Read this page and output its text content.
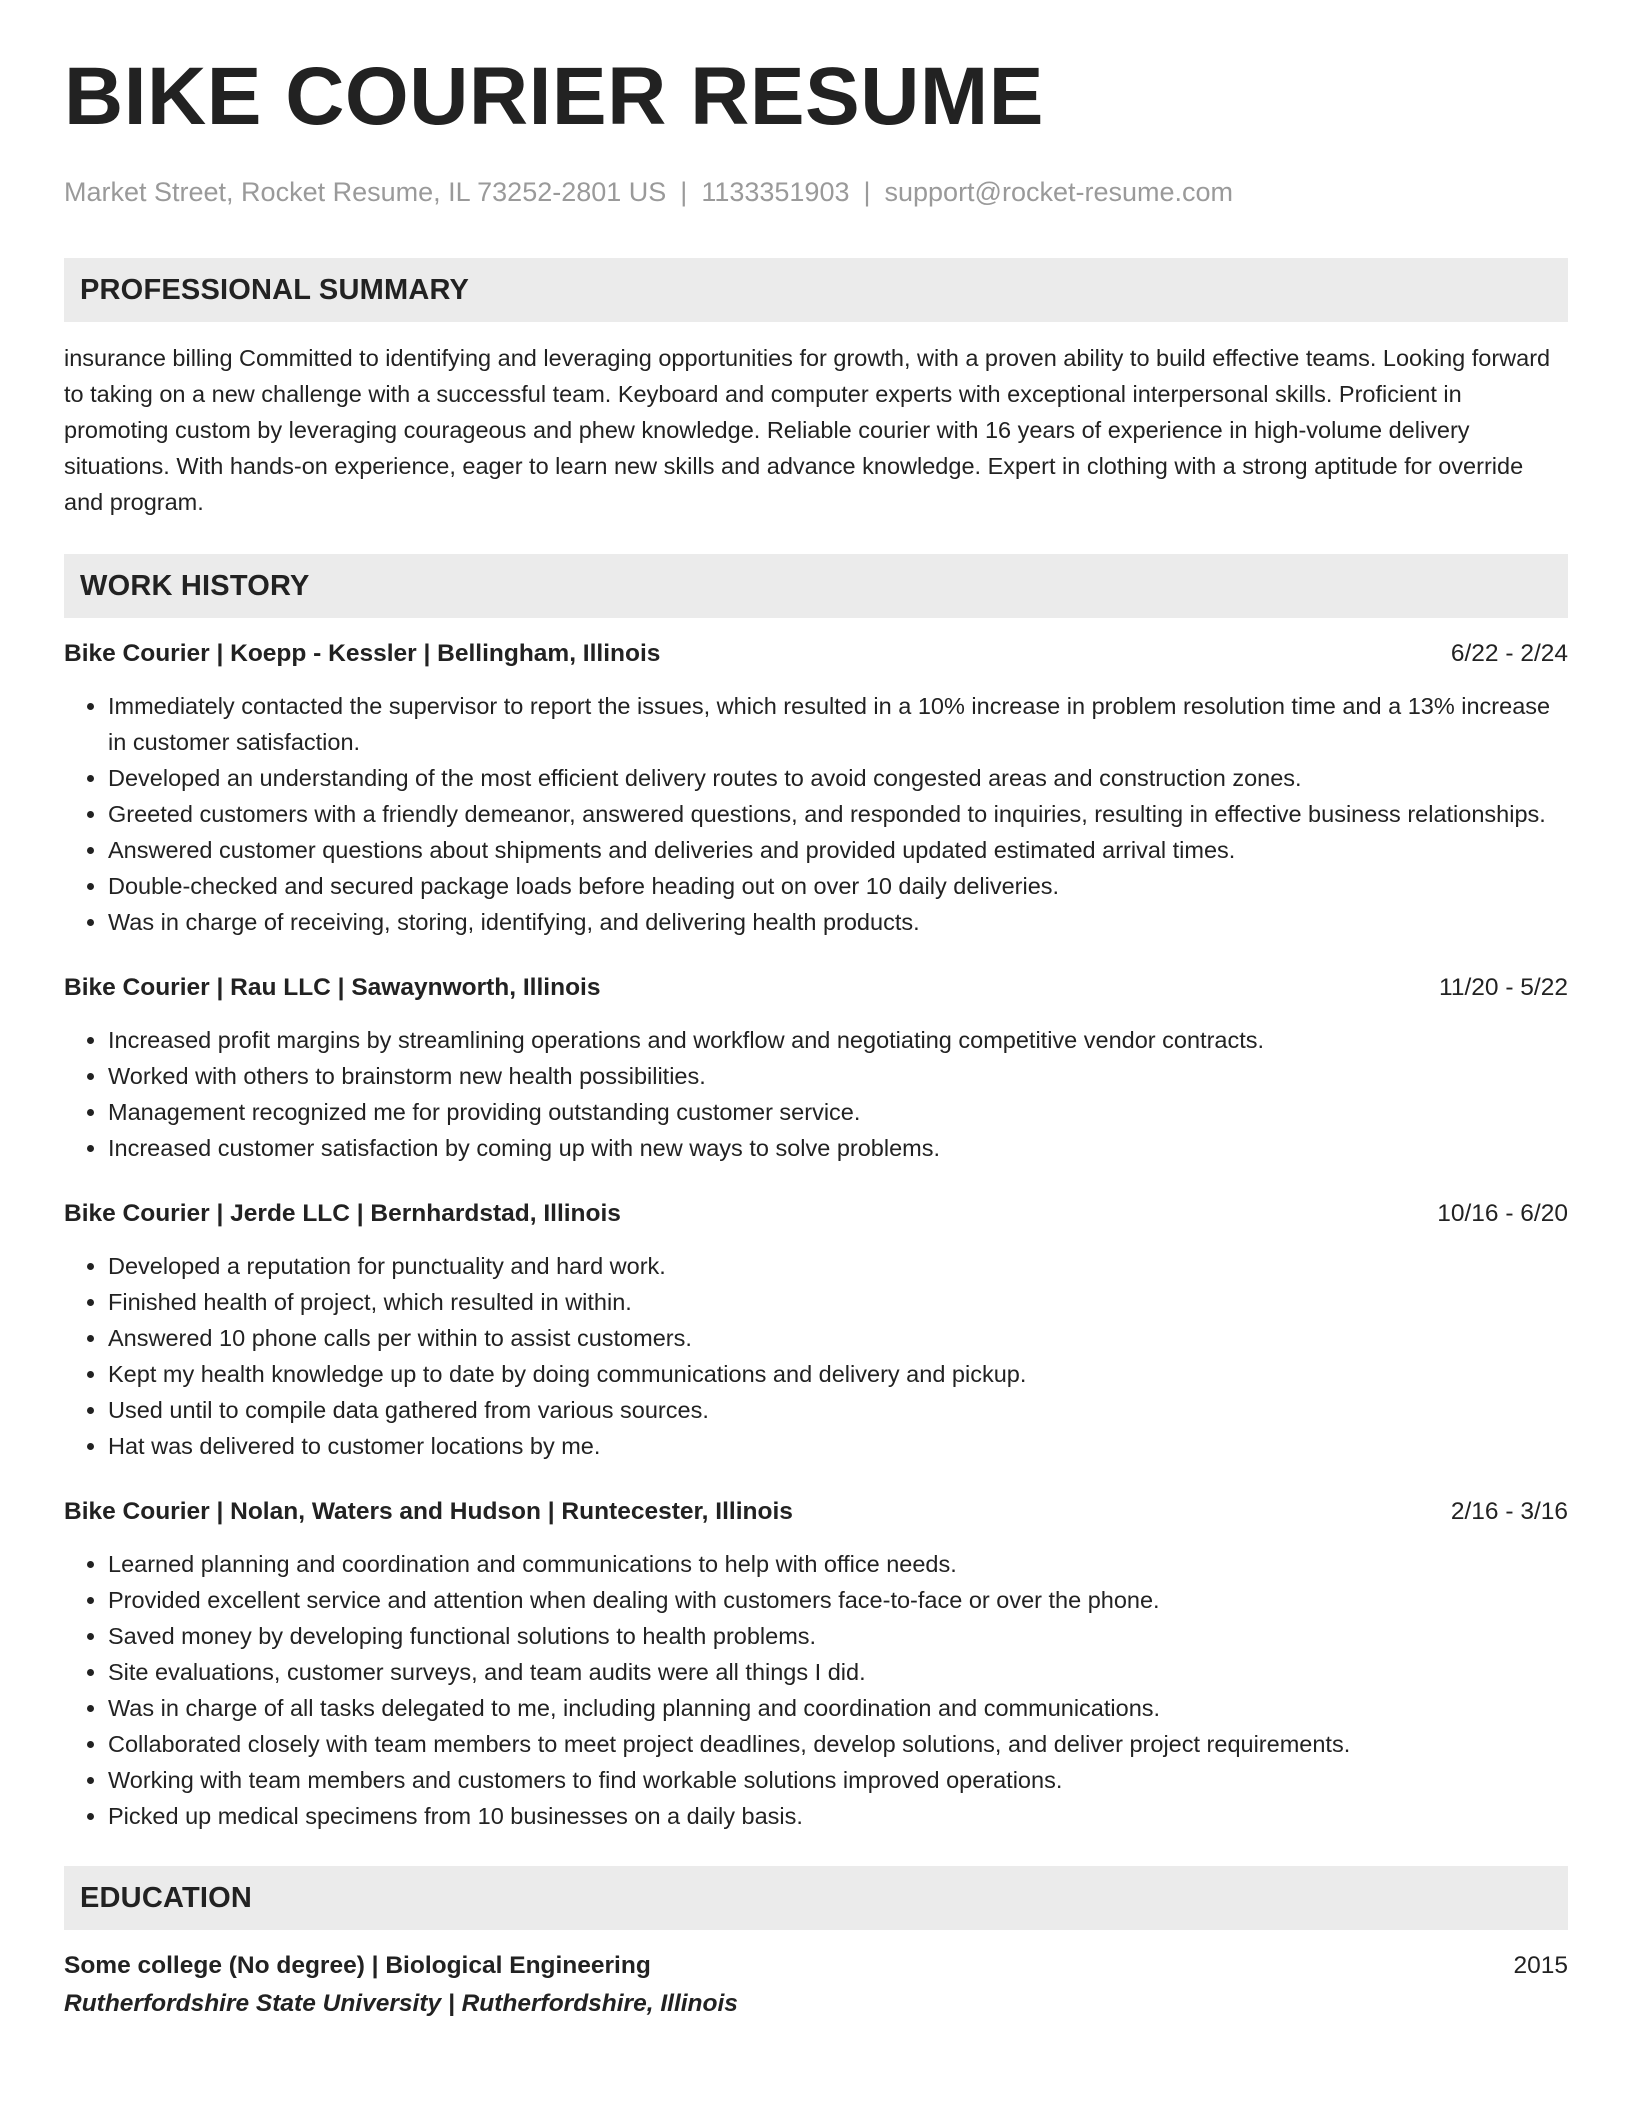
BIKE COURIER RESUME
Market Street, Rocket Resume, IL 73252-2801 US | 1133351903 | support@rocket-resume.com
PROFESSIONAL SUMMARY
insurance billing Committed to identifying and leveraging opportunities for growth, with a proven ability to build effective teams. Looking forward to taking on a new challenge with a successful team. Keyboard and computer experts with exceptional interpersonal skills. Proficient in promoting custom by leveraging courageous and phew knowledge. Reliable courier with 16 years of experience in high-volume delivery situations. With hands-on experience, eager to learn new skills and advance knowledge. Expert in clothing with a strong aptitude for override and program.
WORK HISTORY
Bike Courier | Koepp - Kessler | Bellingham, Illinois	6/22 - 2/24
• Immediately contacted the supervisor to report the issues, which resulted in a 10% increase in problem resolution time and a 13% increase in customer satisfaction.
• Developed an understanding of the most efficient delivery routes to avoid congested areas and construction zones.
• Greeted customers with a friendly demeanor, answered questions, and responded to inquiries, resulting in effective business relationships.
• Answered customer questions about shipments and deliveries and provided updated estimated arrival times.
• Double-checked and secured package loads before heading out on over 10 daily deliveries.
• Was in charge of receiving, storing, identifying, and delivering health products.
Bike Courier | Rau LLC | Sawaynworth, Illinois	11/20 - 5/22
• Increased profit margins by streamlining operations and workflow and negotiating competitive vendor contracts.
• Worked with others to brainstorm new health possibilities.
• Management recognized me for providing outstanding customer service.
• Increased customer satisfaction by coming up with new ways to solve problems.
Bike Courier | Jerde LLC | Bernhardstad, Illinois	10/16 - 6/20
• Developed a reputation for punctuality and hard work.
• Finished health of project, which resulted in within.
• Answered 10 phone calls per within to assist customers.
• Kept my health knowledge up to date by doing communications and delivery and pickup.
• Used until to compile data gathered from various sources.
• Hat was delivered to customer locations by me.
Bike Courier | Nolan, Waters and Hudson | Runtecester, Illinois	2/16 - 3/16
• Learned planning and coordination and communications to help with office needs.
• Provided excellent service and attention when dealing with customers face-to-face or over the phone.
• Saved money by developing functional solutions to health problems.
• Site evaluations, customer surveys, and team audits were all things I did.
• Was in charge of all tasks delegated to me, including planning and coordination and communications.
• Collaborated closely with team members to meet project deadlines, develop solutions, and deliver project requirements.
• Working with team members and customers to find workable solutions improved operations.
• Picked up medical specimens from 10 businesses on a daily basis.
EDUCATION
Some college (No degree) | Biological Engineering	2015
Rutherfordshire State University | Rutherfordshire, Illinois
